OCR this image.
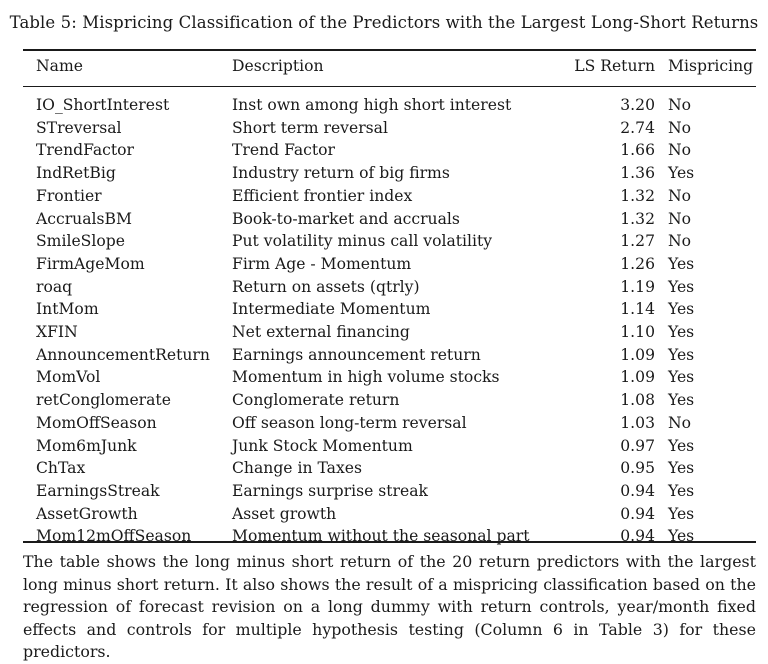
Table 5: Mispricing Classification of the Predictors with the Largest Long-Short Returns
Name	Description	LS Return	Mispricing

IO_ShortInterest	Inst own among high short interest	3.20	No
STreversal	Short term reversal	2.74	No
TrendFactor	Trend Factor	1.66	No
IndRetBig	Industry return of big firms	1.36	Yes
Frontier	Efficient frontier index	1.32	No
AccrualsBM	Book-to-market and accruals	1.32	No
SmileSlope	Put volatility minus call volatility	1.27	No
FirmAgeMom	Firm Age - Momentum	1.26	Yes
roaq	Return on assets (qtrly)	1.19	Yes
IntMom	Intermediate Momentum	1.14	Yes
XFIN	Net external financing	1.10	Yes
AnnouncementReturn	Earnings announcement return	1.09	Yes
MomVol	Momentum in high volume stocks	1.09	Yes
retConglomerate	Conglomerate return	1.08	Yes
MomOffSeason	Off season long-term reversal	1.03	No
Mom6mJunk	Junk Stock Momentum	0.97	Yes
ChTax	Change in Taxes	0.95	Yes
EarningsStreak	Earnings surprise streak	0.94	Yes
AssetGrowth	Asset growth	0.94	Yes
Mom12mOffSeason	Momentum without the seasonal part	0.94	Yes
The table shows the long minus short return of the 20 return predictors with the largest long minus short return. It also shows the result of a mispricing classification based on the regression of forecast revision on a long dummy with return controls, year/month fixed effects and controls for multiple hypothesis testing (Column 6 in Table 3) for these predictors.
